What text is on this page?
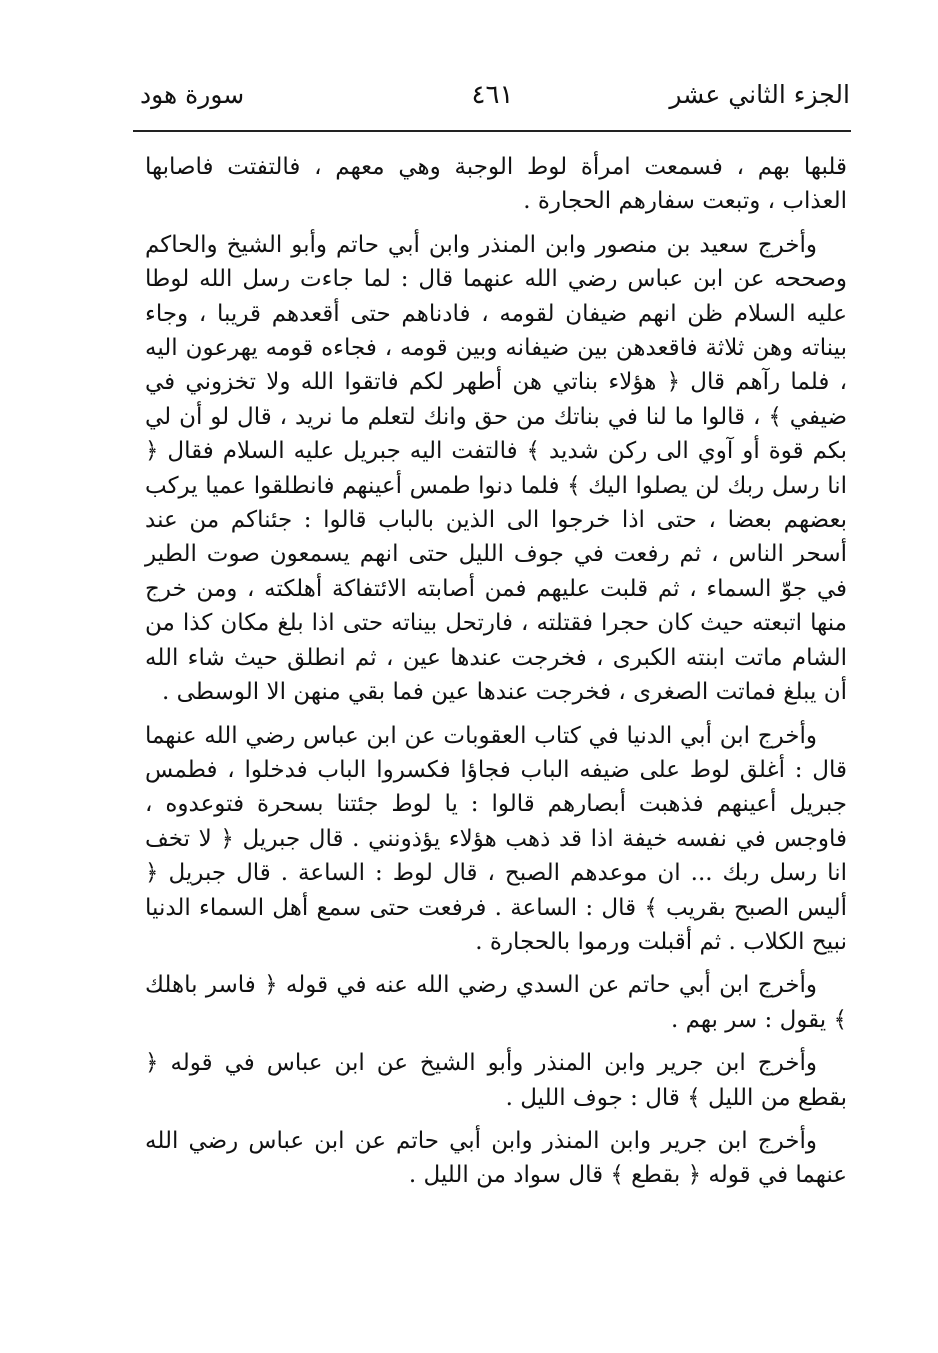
الجزء الثاني عشر
٤٦١
سورة هود

قلبها بهم ، فسمعت امرأة لوط الوجبة وهي معهم ، فالتفتت فاصابها العذاب ، وتبعت سفارهم الحجارة .

وأخرج سعيد بن منصور وابن المنذر وابن أبي حاتم وأبو الشيخ والحاكم وصححه عن ابن عباس رضي الله عنهما قال : لما جاءت رسل الله لوطا عليه السلام ظن انهم ضيفان لقومه ، فادناهم حتى أقعدهم قريبا ، وجاء بيناته وهن ثلاثة فاقعدهن بين ضيفانه وبين قومه ، فجاءه قومه يهرعون اليه ، فلما رآهم قال ﴿ هؤلاء بناتي هن أطهر لكم فاتقوا الله ولا تخزوني في ضيفي ﴾ ، قالوا ما لنا في بناتك من حق وانك لتعلم ما نريد ، قال لو أن لي بكم قوة أو آوي الى ركن شديد ﴾ فالتفت اليه جبريل عليه السلام فقال ﴿ انا رسل ربك لن يصلوا اليك ﴾ فلما دنوا طمس أعينهم فانطلقوا عميا يركب بعضهم بعضا ، حتى اذا خرجوا الى الذين بالباب قالوا : جئناكم من عند أسحر الناس ، ثم رفعت في جوف الليل حتى انهم يسمعون صوت الطير في جوّ السماء ، ثم قلبت عليهم فمن أصابته الائتفاكة أهلكته ، ومن خرج منها اتبعته حيث كان حجرا فقتلته ، فارتحل بيناته حتى اذا بلغ مكان كذا من الشام ماتت ابنته الكبرى ، فخرجت عندها عين ، ثم انطلق حيث شاء الله أن يبلغ فماتت الصغرى ، فخرجت عندها عين فما بقي منهن الا الوسطى .

وأخرج ابن أبي الدنيا في كتاب العقوبات عن ابن عباس رضي الله عنهما قال : أغلق لوط على ضيفه الباب فجاؤا فكسروا الباب فدخلوا ، فطمس جبريل أعينهم فذهبت أبصارهم قالوا : يا لوط جئتنا بسحرة فتوعدوه ، فاوجس في نفسه خيفة اذا قد ذهب هؤلاء يؤذونني . قال جبريل ﴿ لا تخف انا رسل ربك ... ان موعدهم الصبح ، قال لوط : الساعة . قال جبريل ﴿ أليس الصبح بقريب ﴾ قال : الساعة . فرفعت حتى سمع أهل السماء الدنيا نبيح الكلاب . ثم أقبلت ورموا بالحجارة .

وأخرج ابن أبي حاتم عن السدي رضي الله عنه في قوله ﴿ فاسر باهلك ﴾ يقول : سر بهم .

وأخرج ابن جرير وابن المنذر وأبو الشيخ عن ابن عباس في قوله ﴿ بقطع من الليل ﴾ قال : جوف الليل .

وأخرج ابن جرير وابن المنذر وابن أبي حاتم عن ابن عباس رضي الله عنهما في قوله ﴿ بقطع ﴾ قال سواد من الليل .
